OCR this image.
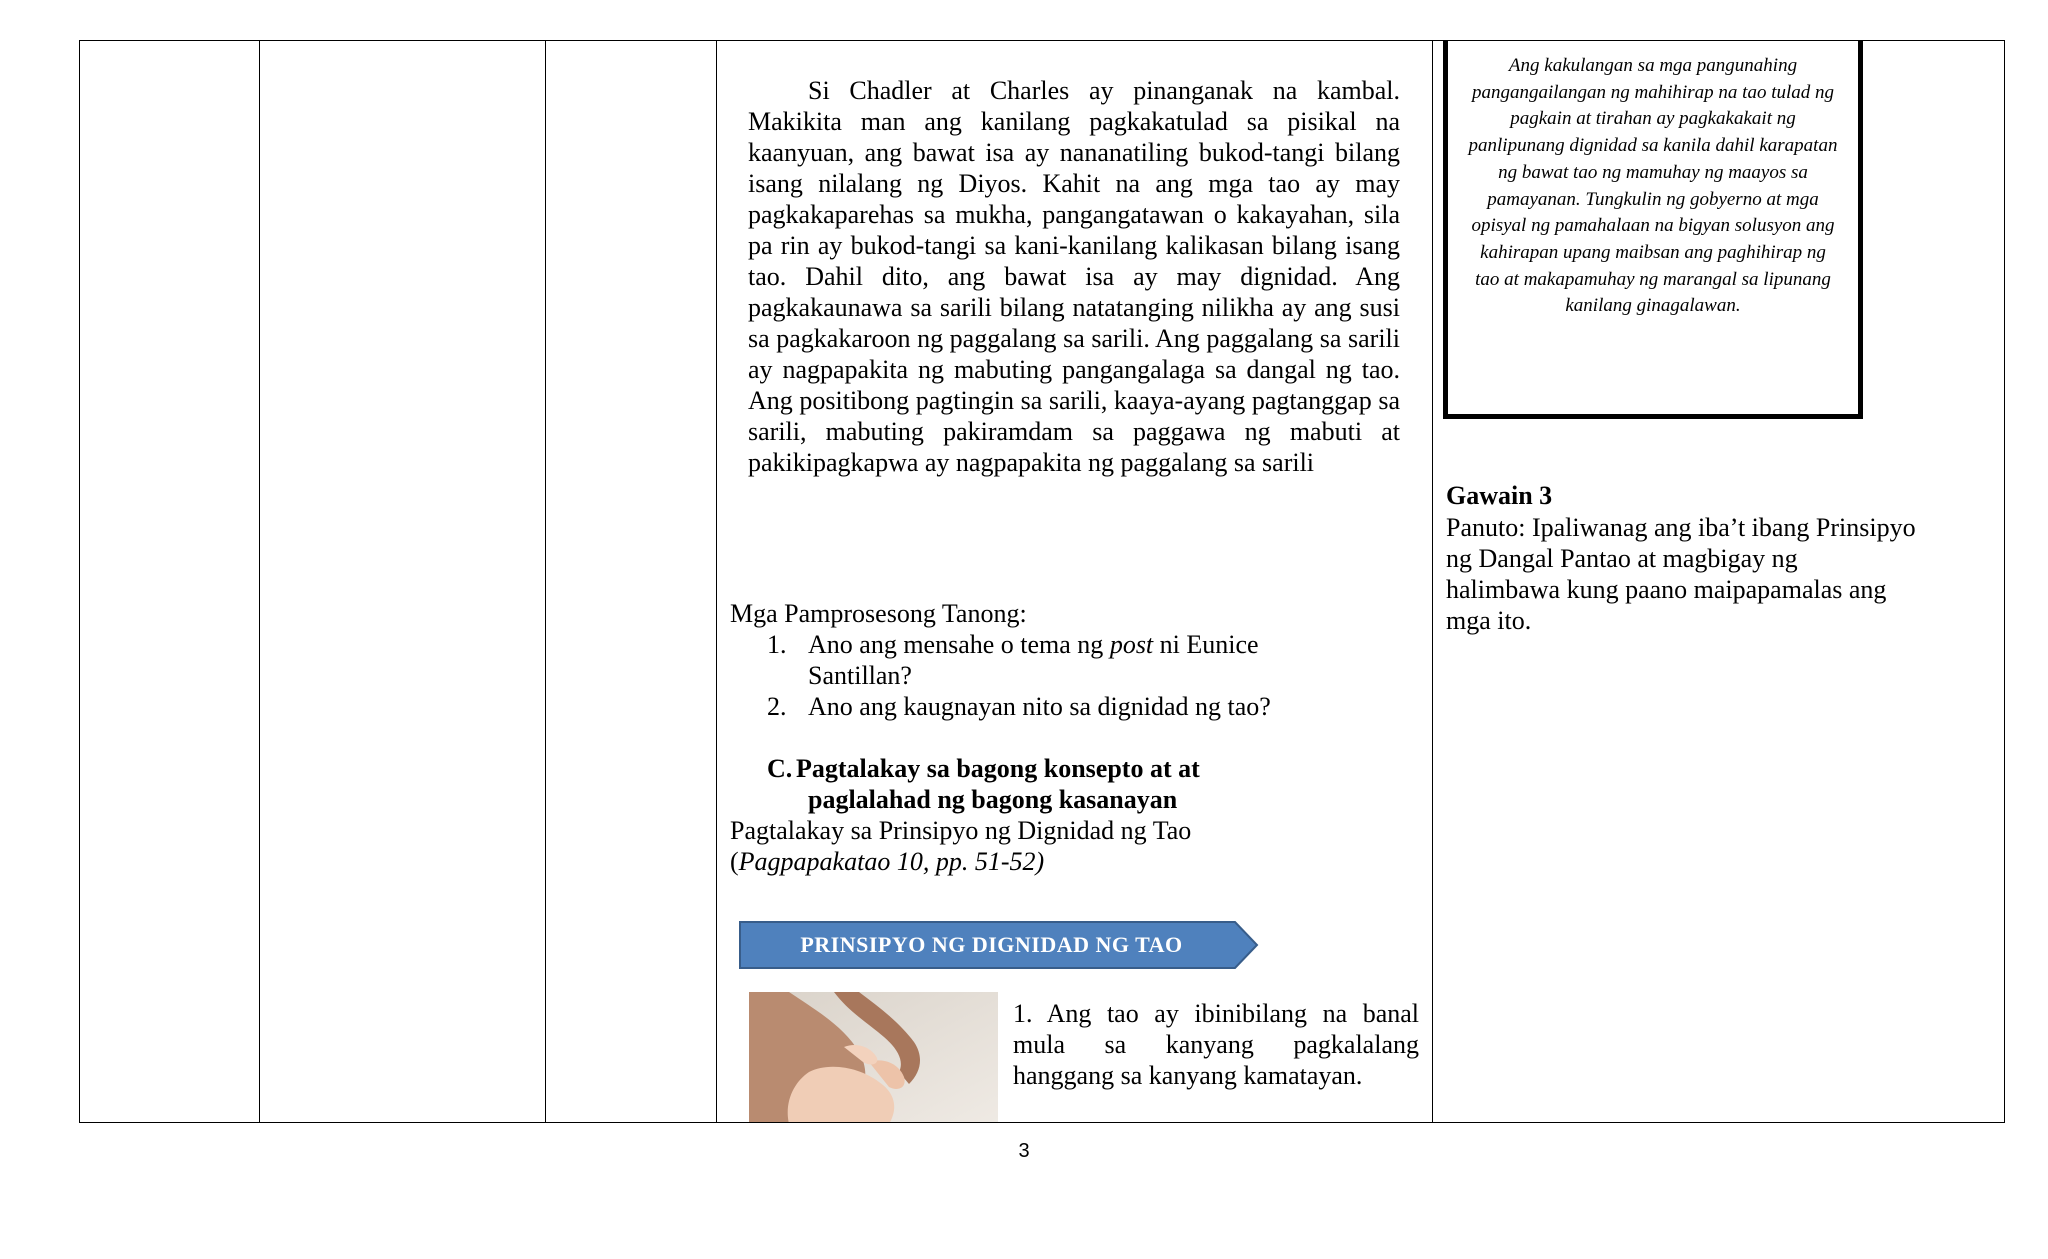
Si Chadler at Charles ay pinanganak na kambal. Makikita man ang kanilang pagkakatulad sa pisikal na kaanyuan, ang bawat isa ay nananatiling bukod-tangi bilang isang nilalang ng Diyos. Kahit na ang mga tao ay may pagkakaparehas sa mukha, pangangatawan o kakayahan, sila pa rin ay bukod-tangi sa kani-kanilang kalikasan bilang isang tao. Dahil dito, ang bawat isa ay may dignidad. Ang pagkakaunawa sa sarili bilang natatanging nilikha ay ang susi sa pagkakaroon ng paggalang sa sarili. Ang paggalang sa sarili ay nagpapakita ng mabuting pangangalaga sa dangal ng tao. Ang positibong pagtingin sa sarili, kaaya-ayang pagtanggap sa sarili, mabuting pakiramdam sa paggawa ng mabuti at pakikipagkapwa ay nagpapakita ng paggalang sa sarili

Mga Pamprosesong Tanong:

1. Ano ang mensahe o tema ng post ni Eunice

Santillan?

2. Ano ang kaugnayan nito sa dignidad ng tao?

C. Pagtalakay sa bagong konsepto at at

paglalahad ng bagong kasanayan

Pagtalakay sa Prinsipyo ng Dignidad ng Tao

(Pagpapakatao 10, pp. 51-52)

PRINSIPYO NG DIGNIDAD NG TAO

1. Ang tao ay ibinibilang na banal mula sa kanyang pagkalalang hanggang sa kanyang kamatayan.

Ang kakulangan sa mga pangunahing pangangailangan ng mahihirap na tao tulad ng pagkain at tirahan ay pagkakakait ng panlipunang dignidad sa kanila dahil karapatan ng bawat tao ng mamuhay ng maayos sa pamayanan. Tungkulin ng gobyerno at mga opisyal ng pamahalaan na bigyan solusyon ang kahirapan upang maibsan ang paghihirap ng tao at makapamuhay ng marangal sa lipunang kanilang ginagalawan.

Gawain 3

Panuto: Ipaliwanag ang iba’t ibang Prinsipyo ng Dangal Pantao at magbigay ng halimbawa kung paano maipapamalas ang mga ito.

3
